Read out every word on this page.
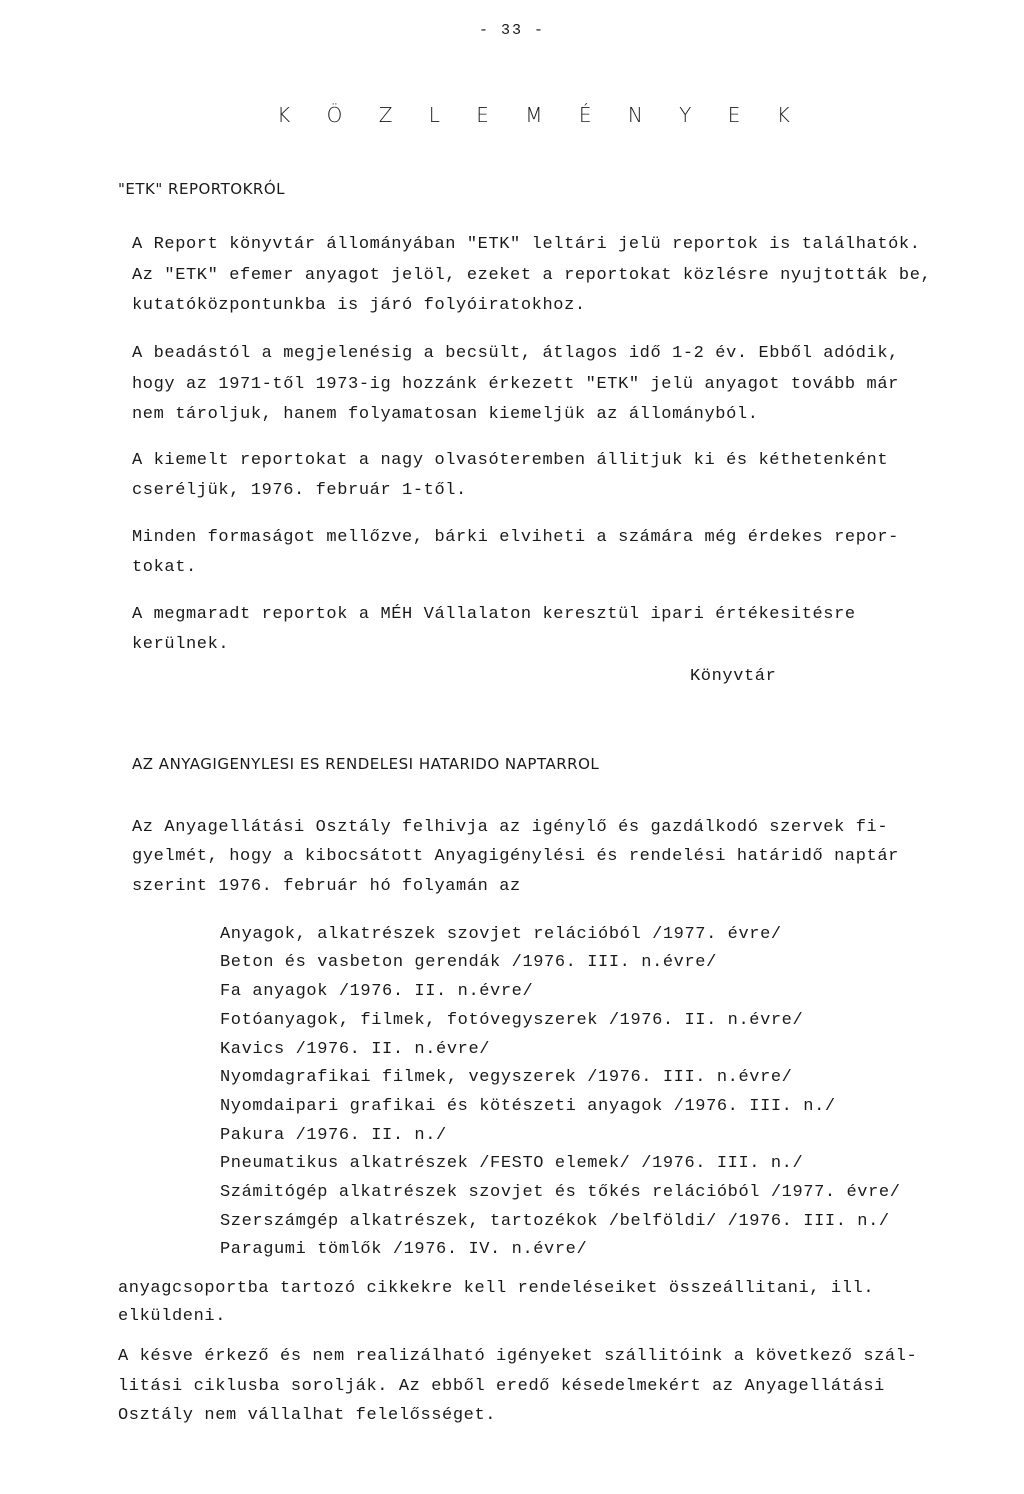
- 33 -
K Ö Z L E M É N Y E K
"ETK" REPORTOKRÓL
A Report könyvtár állományában "ETK" leltári jelü reportok is találhatók.
Az "ETK" efemer anyagot jelöl, ezeket a reportokat közlésre nyujtották be,
kutatóközpontunkba is járó folyóiratokhoz.
A beadástól a megjelenésig a becsült, átlagos idő 1-2 év. Ebből adódik,
hogy az 1971-től 1973-ig hozzánk érkezett "ETK" jelü anyagot tovább már
nem tároljuk, hanem folyamatosan kiemeljük az állományból.
A kiemelt reportokat a nagy olvasóteremben állitjuk ki és kéthetenként
cseréljük, 1976. február 1-től.
Minden formaságot mellőzve, bárki elviheti a számára még érdekes repor-
tokat.
A megmaradt reportok a MÉH Vállalaton keresztül ipari értékesitésre
kerülnek.
Könyvtár
AZ ANYAGIGENYLESI ES RENDELESI HATARIDO NAPTARROL
Az Anyagellátási Osztály felhivja az igénylő és gazdálkodó szervek fi-
gyelmét, hogy a kibocsátott Anyagigénylési és rendelési határidő naptár
szerint 1976. február hó folyamán az
Anyagok, alkatrészek szovjet relációból /1977. évre/
Beton és vasbeton gerendák /1976. III. n.évre/
Fa anyagok /1976. II. n.évre/
Fotóanyagok, filmek, fotóvegyszerek /1976. II. n.évre/
Kavics /1976. II. n.évre/
Nyomdagrafikai filmek, vegyszerek /1976. III. n.évre/
Nyomdaipari grafikai és kötészeti anyagok /1976. III. n./
Pakura /1976. II. n./
Pneumatikus alkatrészek /FESTO elemek/ /1976. III. n./
Számitógép alkatrészek szovjet és tőkés relációból /1977. évre/
Szerszámgép alkatrészek, tartozékok /belföldi/ /1976. III. n./
Paragumi tömlők /1976. IV. n.évre/
anyagcsoportba tartozó cikkekre kell rendeléseiket összeállitani, ill.
elküldeni.
A késve érkező és nem realizálható igényeket szállitóink a következő szál-
litási ciklusba sorolják. Az ebből eredő késedelmekért az Anyagellátási
Osztály nem vállalhat felelősséget.
